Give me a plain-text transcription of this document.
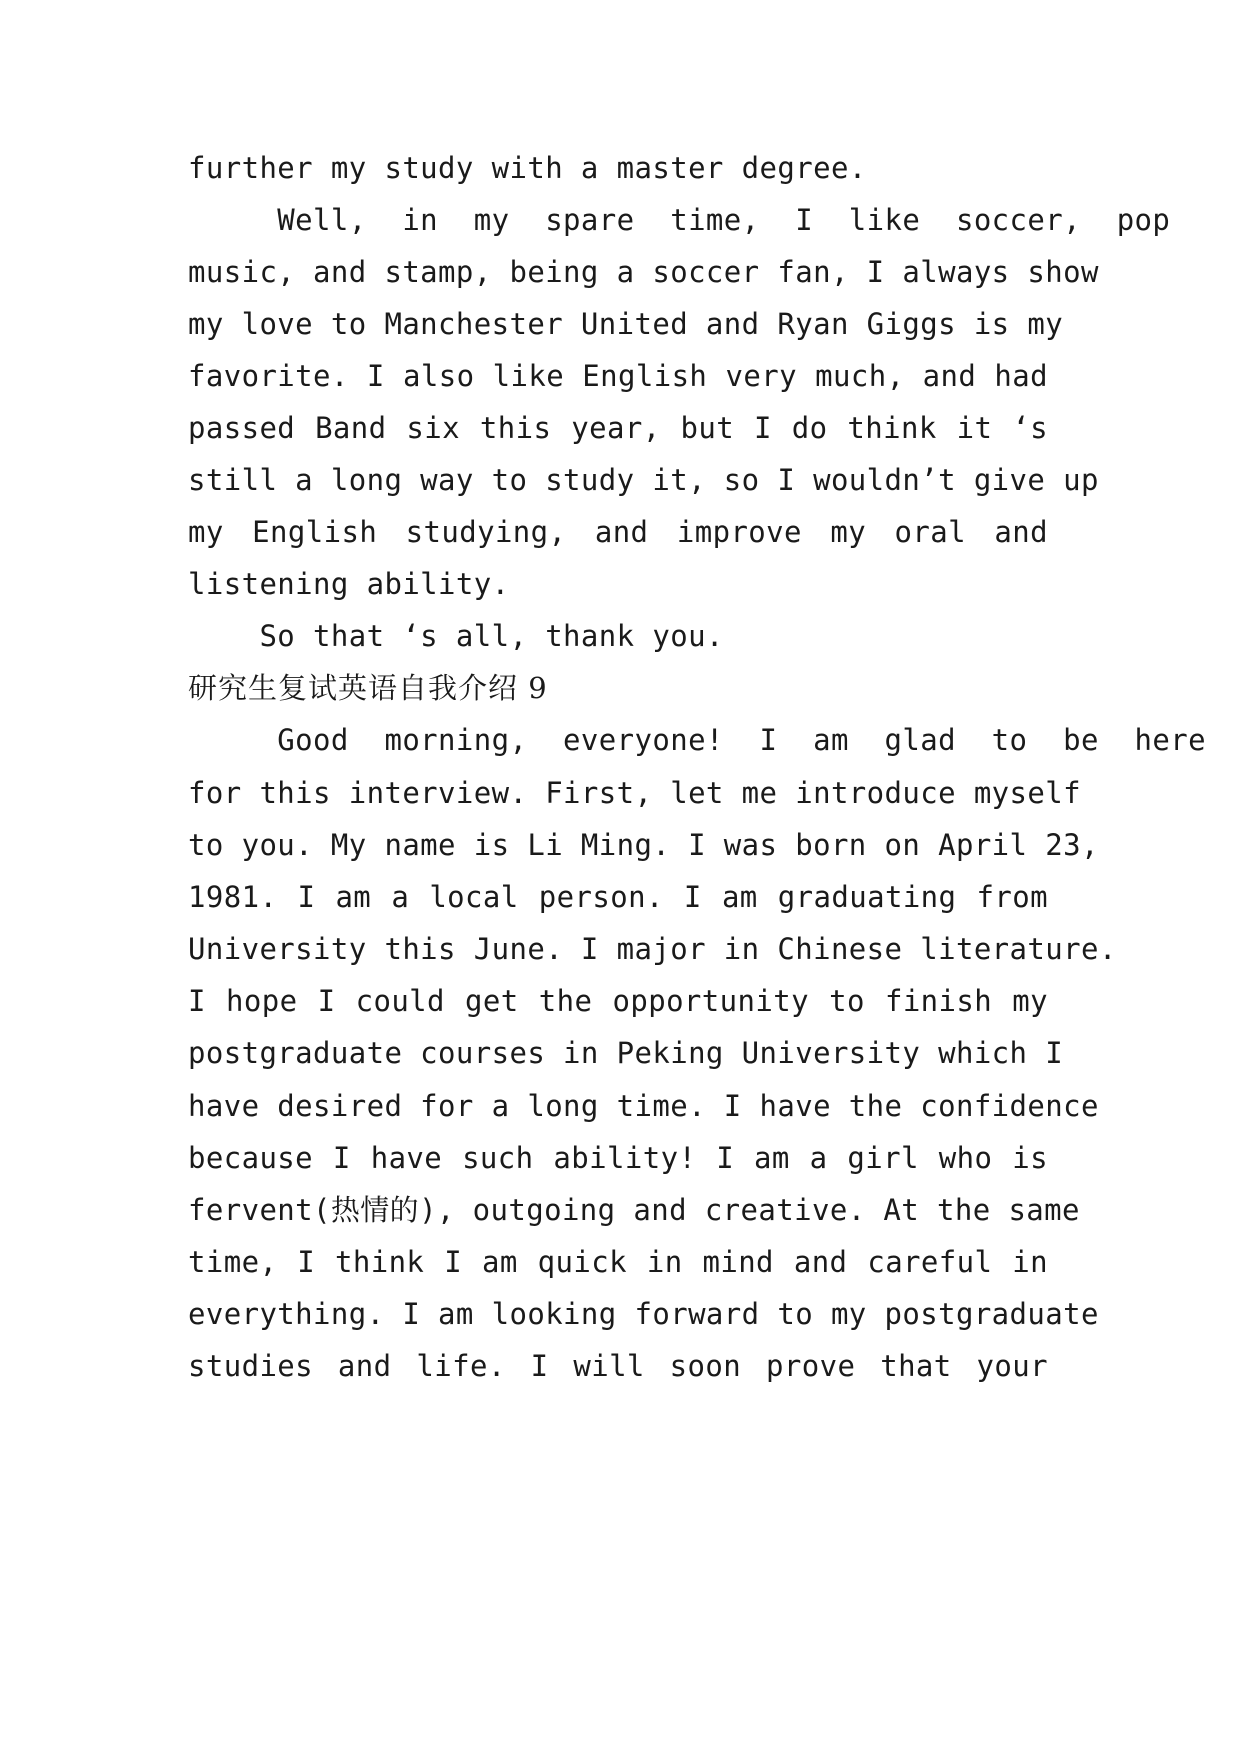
further my study with a master degree.
Well,  in  my  spare  time,  I  like  soccer,  pop
music, and stamp, being a soccer fan, I always show
my love to Manchester United and Ryan Giggs is my
favorite. I also like English very much, and had
passed Band six this year, but I do think it ‘s
still a long way to study it, so I wouldn’t give up
my English studying, and improve my oral and
listening ability.
So that ‘s all, thank you.
研究生复试英语自我介绍 9
Good  morning,  everyone!  I  am  glad  to  be  here
for this interview. First, let me introduce myself
to you. My name is Li Ming. I was born on April 23,
1981. I am a local person. I am graduating from
University this June. I major in Chinese literature.
I hope I could get the opportunity to finish my
postgraduate courses in Peking University which I
have desired for a long time. I have the confidence
because I have such ability! I am a girl who is
fervent(热情的), outgoing and creative. At the same
time, I think I am quick in mind and careful in
everything. I am looking forward to my postgraduate
studies and life. I will soon prove that your
